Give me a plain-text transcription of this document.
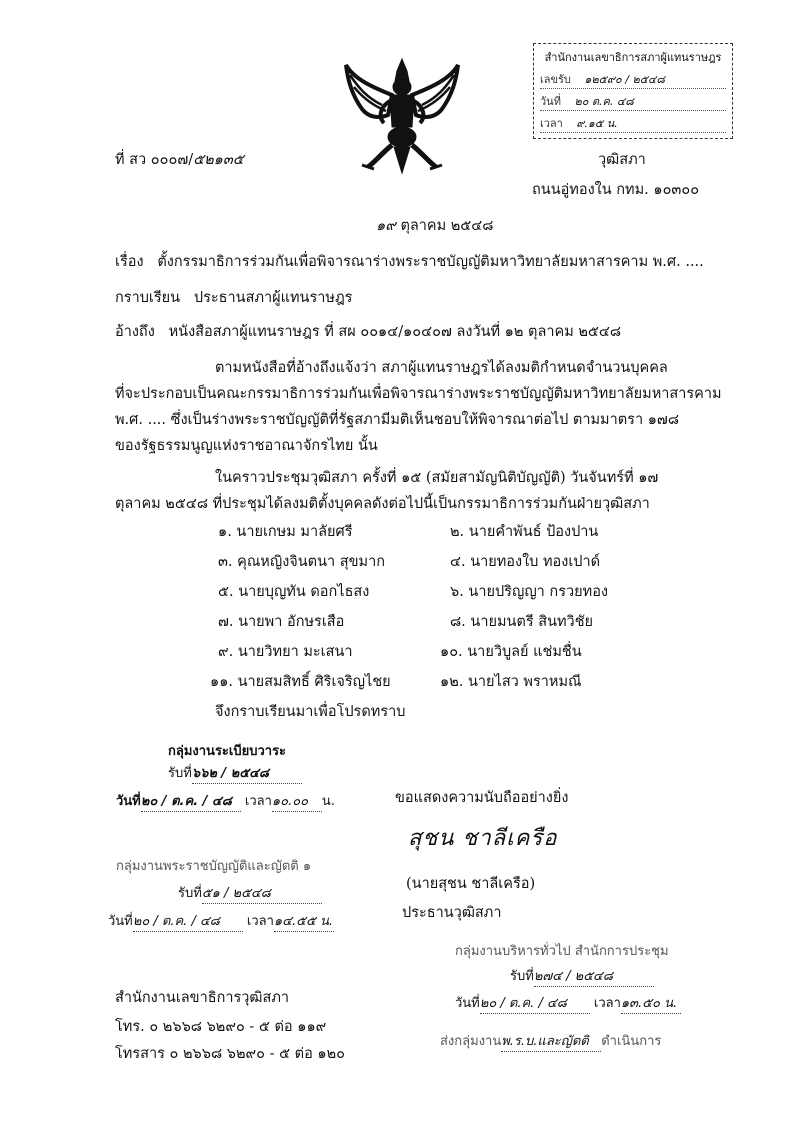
สำนักงานเลขาธิการสภาผู้แทนราษฎร
เลขรับ ๑๒๕๙๐ / ๒๕๔๘
วันที่ ๒๐ ต.ค. ๔๘
เวลา ๙.๑๕ น.
ที่ สว ๐๐๐๗/๕๒๑๓๕	วุฒิสภา
ถนนอู่ทองใน กทม. ๑๐๓๐๐
๑๙ ตุลาคม ๒๕๔๘
เรื่อง ตั้งกรรมาธิการร่วมกันเพื่อพิจารณาร่างพระราชบัญญัติมหาวิทยาลัยมหาสารคาม พ.ศ. ....
กราบเรียน ประธานสภาผู้แทนราษฎร
อ้างถึง หนังสือสภาผู้แทนราษฎร ที่ สผ ๐๐๑๔/๑๐๔๐๗ ลงวันที่ ๑๒ ตุลาคม ๒๕๔๘
ตามหนังสือที่อ้างถึงแจ้งว่า สภาผู้แทนราษฎรได้ลงมติกำหนดจำนวนบุคคล
ที่จะประกอบเป็นคณะกรรมาธิการร่วมกันเพื่อพิจารณาร่างพระราชบัญญัติมหาวิทยาลัยมหาสารคาม
พ.ศ. .... ซึ่งเป็นร่างพระราชบัญญัติที่รัฐสภามีมติเห็นชอบให้พิจารณาต่อไป ตามมาตรา ๑๗๘
ของรัฐธรรมนูญแห่งราชอาณาจักรไทย นั้น
ในคราวประชุมวุฒิสภา ครั้งที่ ๑๕ (สมัยสามัญนิติบัญญัติ) วันจันทร์ที่ ๑๗
ตุลาคม ๒๕๔๘ ที่ประชุมได้ลงมติตั้งบุคคลดังต่อไปนี้เป็นกรรมาธิการร่วมกันฝ่ายวุฒิสภา
๑. นายเกษม มาลัยศรี	๒. นายคำพันธ์ ป้องปาน
๓. คุณหญิงจินตนา สุขมาก	๔. นายทองใบ ทองเปาด์
๕. นายบุญทัน ดอกไธสง	๖. นายปริญญา กรวยทอง
๗. นายพา อักษรเสือ	๘. นายมนตรี สินทวิชัย
๙. นายวิทยา มะเสนา	๑๐. นายวิบูลย์ แช่มชื่น
๑๑. นายสมสิทธิ์ ศิริเจริญไชย	๑๒. นายไสว พราหมณี
จึงกราบเรียนมาเพื่อโปรดทราบ
กลุ่มงานระเบียบวาระ
รับที่๖๖๒ / ๒๕๔๘
วันที่๒๐ / ต.ค. / ๔๘ เวลา๑๐.๐๐ น.	ขอแสดงความนับถืออย่างยิ่ง
สุชน ชาลีเครือ
(นายสุชน ชาลีเครือ)
ประธานวุฒิสภา
กลุ่มงานพระราชบัญญัติและญัตติ ๑
รับที่๕๑ / ๒๕๔๘
วันที่๒๐ / ต.ค. / ๔๘ เวลา๑๔.๕๕ น.
กลุ่มงานบริหารทั่วไป สำนักการประชุม
รับที่๒๗๔ / ๒๕๔๘
วันที่๒๐ / ต.ค. / ๔๘ เวลา๑๓.๕๐ น.
ส่งกลุ่มงานพ.ร.บ.และญัตติ ดำเนินการ
สำนักงานเลขาธิการวุฒิสภา
โทร. ๐ ๒๖๖๘ ๖๒๙๐ - ๕ ต่อ ๑๑๙
โทรสาร ๐ ๒๖๖๘ ๖๒๙๐ - ๕ ต่อ ๑๒๐
